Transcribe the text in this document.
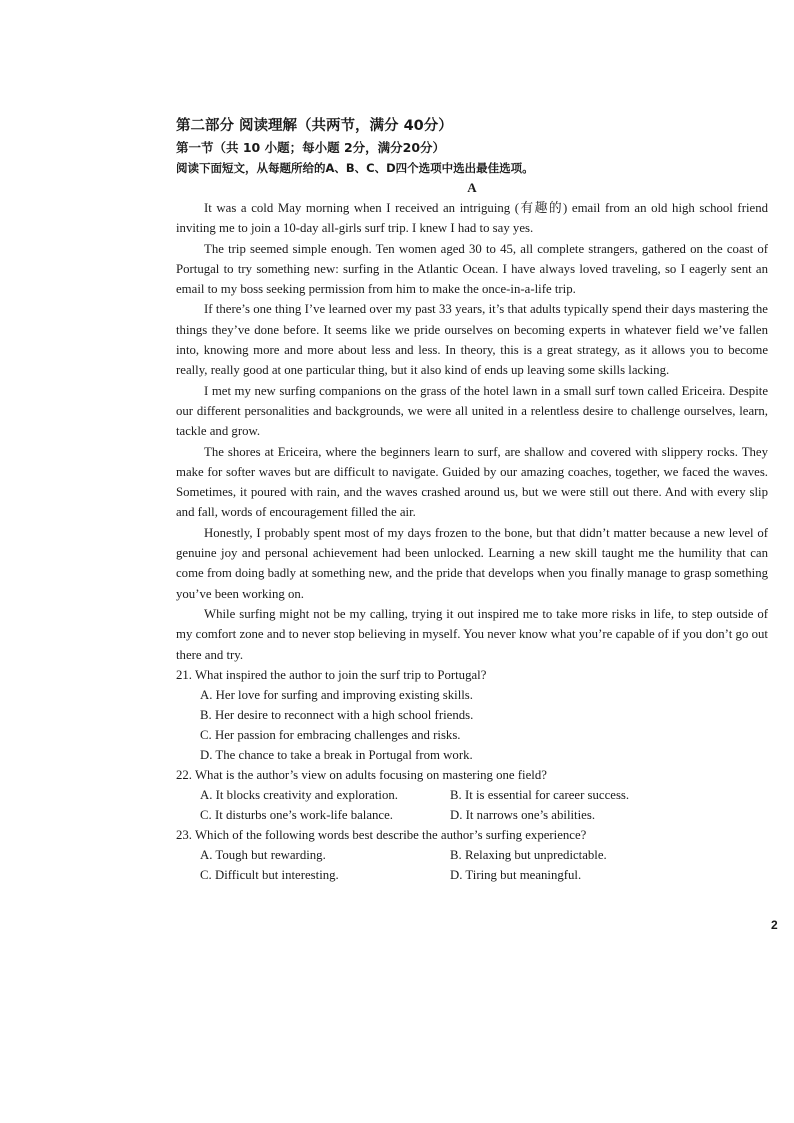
第二部分 阅读理解（共两节，满分 40分）
第一节（共 10 小题；每小题 2分，满分20分）
阅读下面短文，从每题所给的A、B、C、D四个选项中选出最佳选项。
A

It was a cold May morning when I received an intriguing (有趣的) email from an old high school friend inviting me to join a 10-day all-girls surf trip. I knew I had to say yes.

The trip seemed simple enough. Ten women aged 30 to 45, all complete strangers, gathered on the coast of Portugal to try something new: surfing in the Atlantic Ocean. I have always loved traveling, so I eagerly sent an email to my boss seeking permission from him to make the once-in-a-life trip.

If there’s one thing I’ve learned over my past 33 years, it’s that adults typically spend their days mastering the things they’ve done before. It seems like we pride ourselves on becoming experts in whatever field we’ve fallen into, knowing more and more about less and less. In theory, this is a great strategy, as it allows you to become really, really good at one particular thing, but it also kind of ends up leaving some skills lacking.

I met my new surfing companions on the grass of the hotel lawn in a small surf town called Ericeira. Despite our different personalities and backgrounds, we were all united in a relentless desire to challenge ourselves, learn, tackle and grow.

The shores at Ericeira, where the beginners learn to surf, are shallow and covered with slippery rocks. They make for softer waves but are difficult to navigate. Guided by our amazing coaches, together, we faced the waves. Sometimes, it poured with rain, and the waves crashed around us, but we were still out there. And with every slip and fall, words of encouragement filled the air.

Honestly, I probably spent most of my days frozen to the bone, but that didn’t matter because a new level of genuine joy and personal achievement had been unlocked. Learning a new skill taught me the humility that can come from doing badly at something new, and the pride that develops when you finally manage to grasp something you’ve been working on.

While surfing might not be my calling, trying it out inspired me to take more risks in life, to step outside of my comfort zone and to never stop believing in myself. You never know what you’re capable of if you don’t go out there and try.

21. What inspired the author to join the surf trip to Portugal?

A. Her love for surfing and improving existing skills.
B. Her desire to reconnect with a high school friends.
C. Her passion for embracing challenges and risks.
D. The chance to take a break in Portugal from work.

22. What is the author’s view on adults focusing on mastering one field?

A. It blocks creativity and exploration.	B. It is essential for career success.
C. It disturbs one’s work-life balance.	D. It narrows one’s abilities.

23. Which of the following words best describe the author’s surfing experience?

A. Tough but rewarding.	B. Relaxing but unpredictable.
C. Difficult but interesting.	D. Tiring but meaningful.
2
